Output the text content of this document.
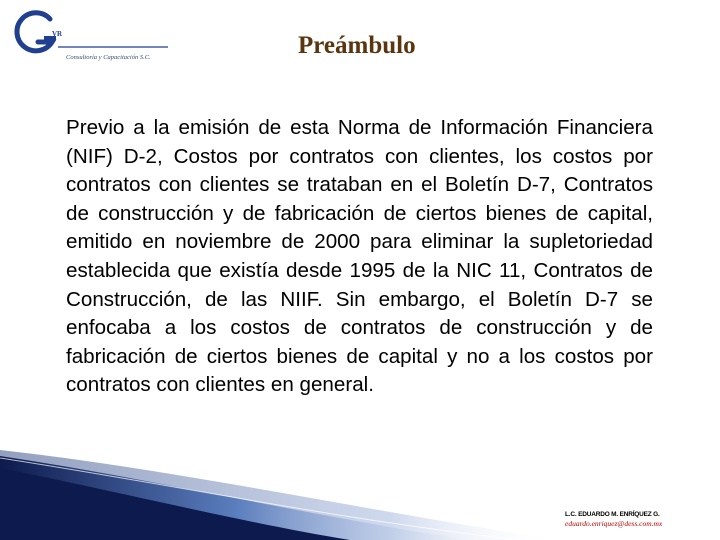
VR
Consultoría y Capacitación S.C.	Preámbulo

Previo a la emisión de esta Norma de Información Financiera (NIF) D-2, Costos por contratos con clientes, los costos por contratos con clientes se trataban en el Boletín D-7, Contratos de construcción y de fabricación de ciertos bienes de capital, emitido en noviembre de 2000 para eliminar la supletoriedad establecida que existía desde 1995 de la NIC 11, Contratos de Construcción, de las NIIF. Sin embargo, el Boletín D-7 se enfocaba a los costos de contratos de construcción y de fabricación de ciertos bienes de capital y no a los costos por contratos con clientes en general.

L.C. EDUARDO M. ENRÍQUEZ G.
eduardo.enriquez@dess.com.mx
